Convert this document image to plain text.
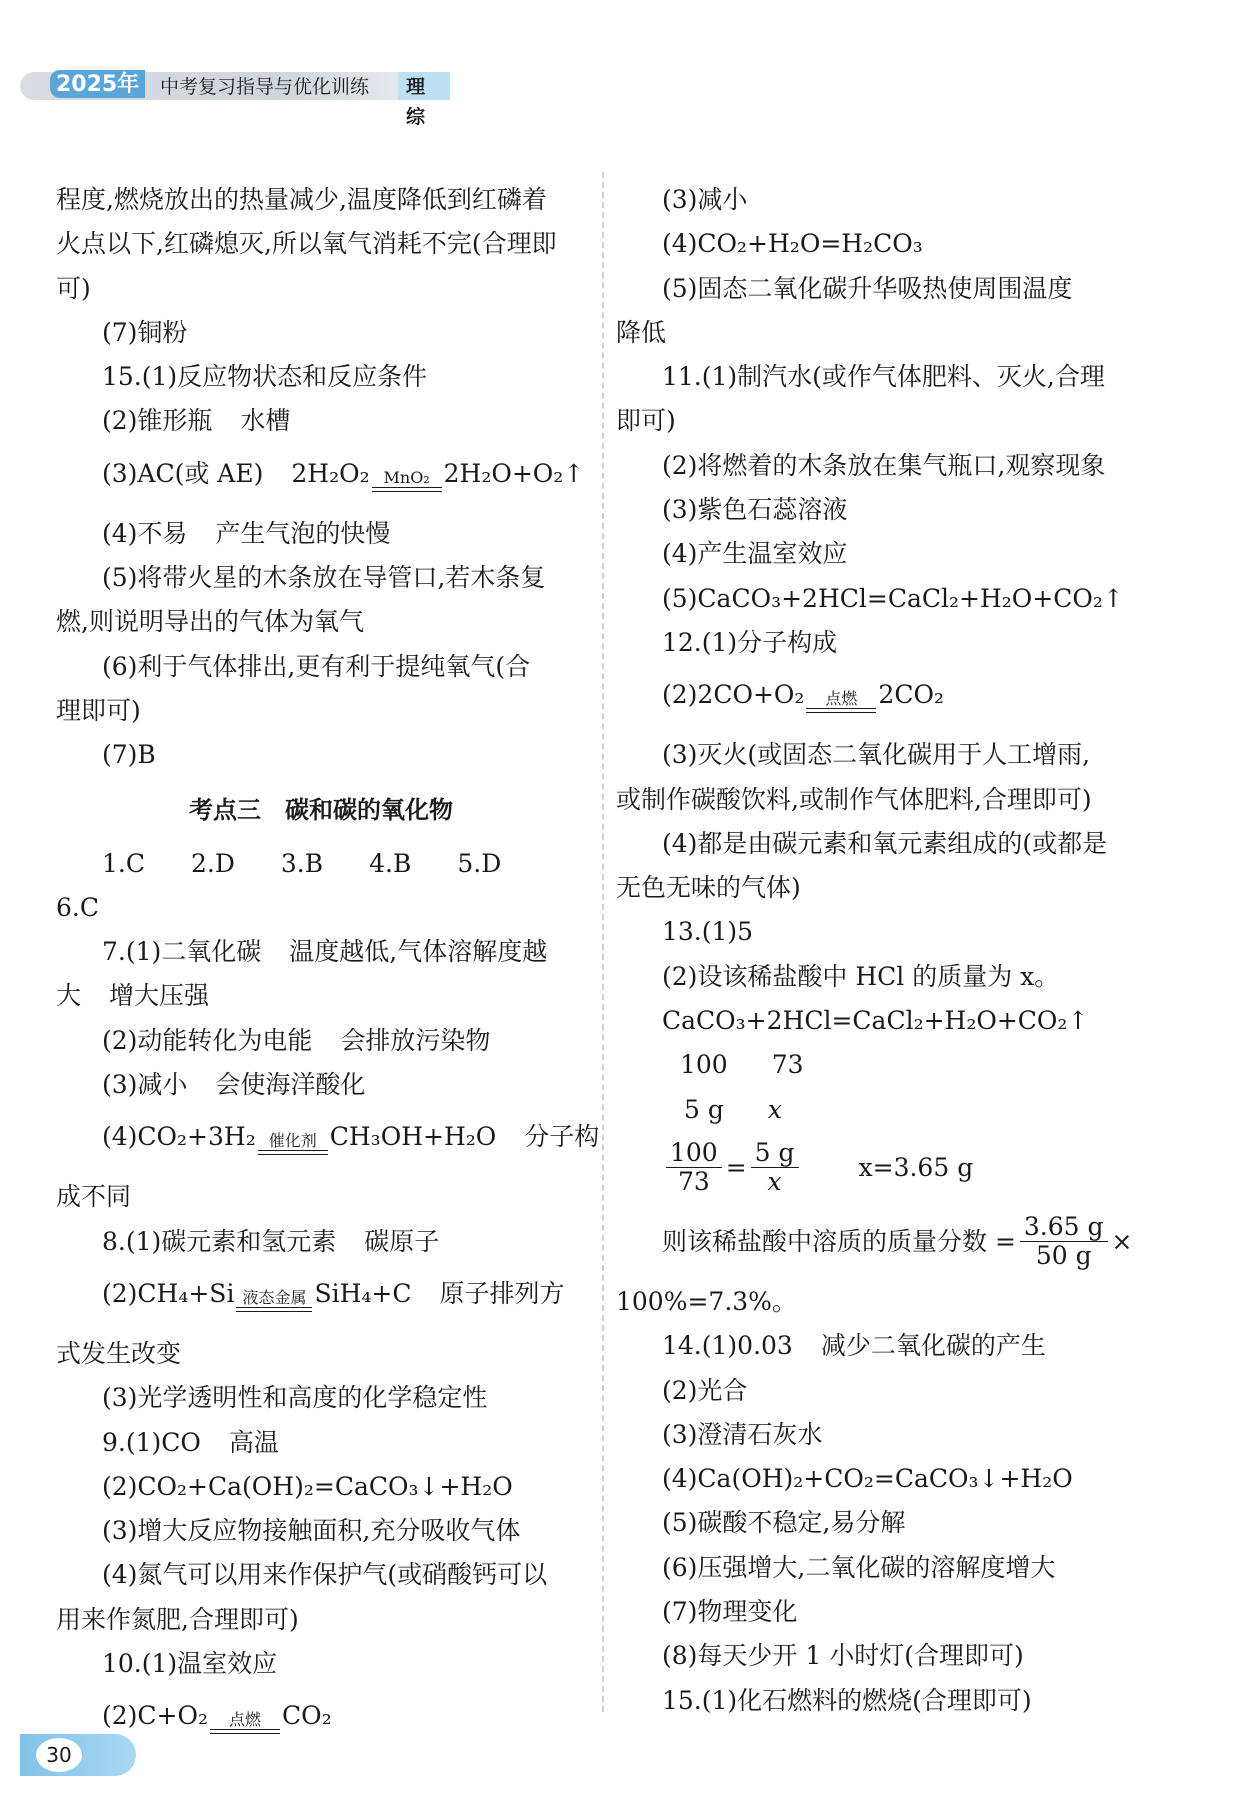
2025年	中考复习指导与优化训练	理综
程度,燃烧放出的热量减少,温度降低到红磷着
火点以下,红磷熄灭,所以氧气消耗不完(合理即
可)
(7)铜粉
15.(1)反应物状态和反应条件
(2)锥形瓶 水槽
(3)AC(或 AE) 2H₂O₂ MnO₂ 2H₂O+O₂↑
(4)不易 产生气泡的快慢
(5)将带火星的木条放在导管口,若木条复
燃,则说明导出的气体为氧气
(6)利于气体排出,更有利于提纯氧气(合
理即可)
(7)B
考点三　碳和碳的氧化物
1.C 2.D 3.B 4.B 5.D
6.C
7.(1)二氧化碳 温度越低,气体溶解度越
大 增大压强
(2)动能转化为电能 会排放污染物
(3)减小 会使海洋酸化
(4)CO₂+3H₂ 催化剂 CH₃OH+H₂O 分子构
成不同
8.(1)碳元素和氢元素 碳原子
(2)CH₄+Si 液态金属 SiH₄+C 原子排列方
式发生改变
(3)光学透明性和高度的化学稳定性
9.(1)CO 高温
(2)CO₂+Ca(OH)₂=CaCO₃↓+H₂O
(3)增大反应物接触面积,充分吸收气体
(4)氮气可以用来作保护气(或硝酸钙可以
用来作氮肥,合理即可)
10.(1)温室效应
(2)C+O₂	点燃 CO₂
(3)减小
(4)CO₂+H₂O=H₂CO₃
(5)固态二氧化碳升华吸热使周围温度
降低
11.(1)制汽水(或作气体肥料、灭火,合理
即可)
(2)将燃着的木条放在集气瓶口,观察现象
(3)紫色石蕊溶液
(4)产生温室效应
(5)CaCO₃+2HCl=CaCl₂+H₂O+CO₂↑
12.(1)分子构成
(2)2CO+O₂	点燃 2CO₂
(3)灭火(或固态二氧化碳用于人工增雨,
或制作碳酸饮料,或制作气体肥料,合理即可)
(4)都是由碳元素和氧元素组成的(或都是
无色无味的气体)
13.(1)5
(2)设该稀盐酸中 HCl 的质量为 x。
CaCO₃+2HCl=CaCl₂+H₂O+CO₂↑
100 73
5 g x
$\frac{100}{73} = \frac{5 g}{x} x=3.65$ g
则该稀盐酸中溶质的质量分数 = $\frac{3.65 g}{50 g}$ ×
100%=7.3%。
14.(1)0.03 减少二氧化碳的产生
(2)光合
(3)澄清石灰水
(4)Ca(OH)₂+CO₂=CaCO₃↓+H₂O
(5)碳酸不稳定,易分解
(6)压强增大,二氧化碳的溶解度增大
(7)物理变化
(8)每天少开 1 小时灯(合理即可)
15.(1)化石燃料的燃烧(合理即可)
30
